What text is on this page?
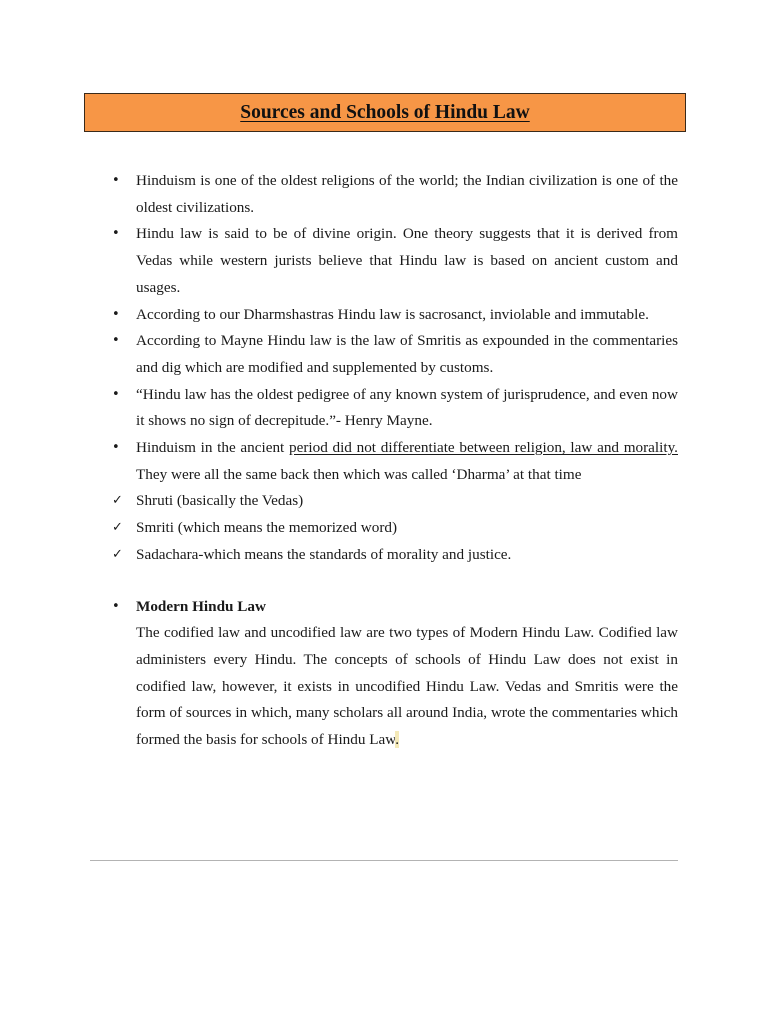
Sources and Schools of Hindu Law
•	Hinduism is one of the oldest religions of the world; the Indian civilization is one of the oldest civilizations.
•	Hindu law is said to be of divine origin. One theory suggests that it is derived from Vedas while western jurists believe that Hindu law is based on ancient custom and usages.
•	According to our Dharmshastras Hindu law is sacrosanct, inviolable and immutable.
•	According to Mayne Hindu law is the law of Smritis as expounded in the commentaries and dig which are modified and supplemented by customs.
•	“Hindu law has the oldest pedigree of any known system of jurisprudence, and even now it shows no sign of decrepitude.”- Henry Mayne.
•	Hinduism in the ancient period did not differentiate between religion, law and morality. They were all the same back then which was called ‘Dharma’ at that time
✓ Shruti (basically the Vedas)
✓ Smriti (which means the memorized word)
✓ Sadachara-which means the standards of morality and justice.
•	Modern Hindu Law
The codified law and uncodified law are two types of Modern Hindu Law. Codified law administers every Hindu. The concepts of schools of Hindu Law does not exist in codified law, however, it exists in uncodified Hindu Law. Vedas and Smritis were the form of sources in which, many scholars all around India, wrote the commentaries which formed the basis for schools of Hindu Law.
